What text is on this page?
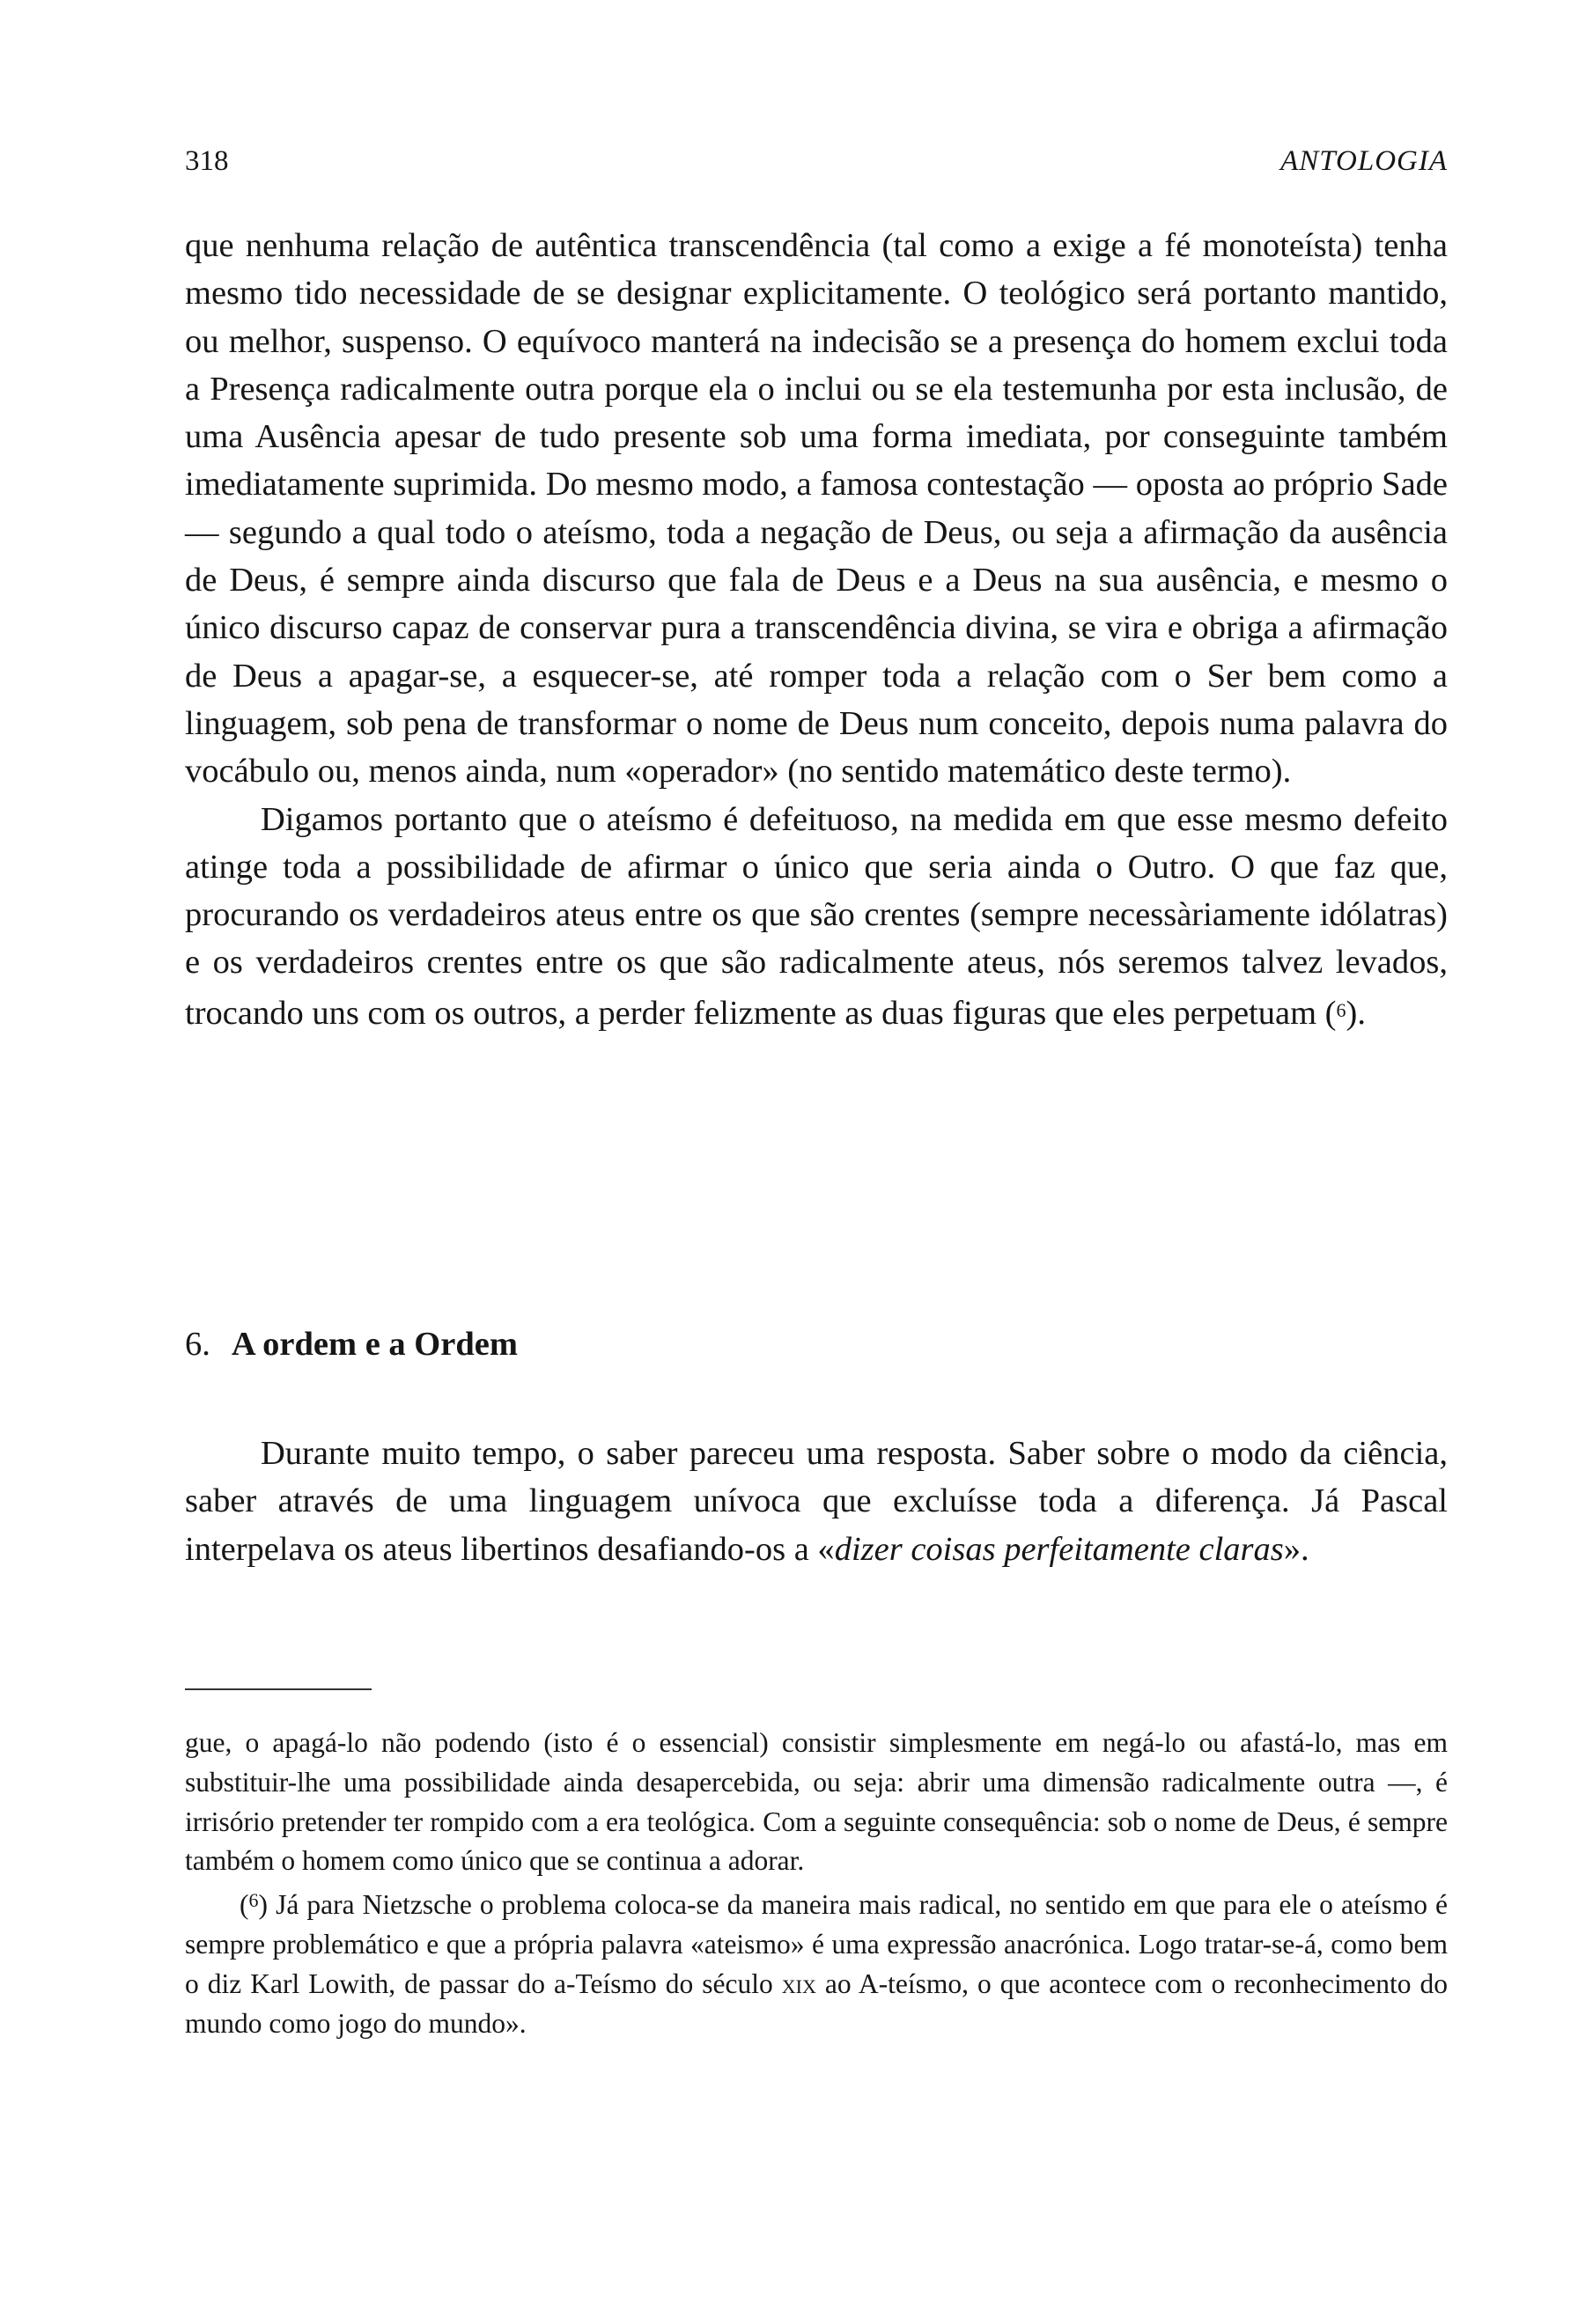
318	ANTOLOGIA

que nenhuma relação de autêntica transcendência (tal como a exige a fé monoteísta) tenha mesmo tido necessidade de se designar explicitamente. O teológico será portanto mantido, ou melhor, suspenso. O equívoco manterá na indecisão se a presença do homem exclui toda a Presença radicalmente outra porque ela o inclui ou se ela testemunha por esta inclusão, de uma Ausência apesar de tudo presente sob uma forma imediata, por conseguinte também imediatamente suprimida. Do mesmo modo, a famosa contestação — oposta ao próprio Sade — segundo a qual todo o ateísmo, toda a negação de Deus, ou seja a afirmação da ausência de Deus, é sempre ainda discurso que fala de Deus e a Deus na sua ausência, e mesmo o único discurso capaz de conservar pura a transcendência divina, se vira e obriga a afirmação de Deus a apagar-se, a esquecer-se, até romper toda a relação com o Ser bem como a linguagem, sob pena de transformar o nome de Deus num conceito, depois numa palavra do vocábulo ou, menos ainda, num «operador» (no sentido matemático deste termo).

Digamos portanto que o ateísmo é defeituoso, na medida em que esse mesmo defeito atinge toda a possibilidade de afirmar o único que seria ainda o Outro. O que faz que, procurando os verdadeiros ateus entre os que são crentes (sempre necessàriamente idólatras) e os verdadeiros crentes entre os que são radicalmente ateus, nós seremos talvez levados, trocando uns com os outros, a perder felizmente as duas figuras que eles perpetuam ($^6$).

6. A ordem e a Ordem

Durante muito tempo, o saber pareceu uma resposta. Saber sobre o modo da ciência, saber através de uma linguagem unívoca que excluísse toda a diferença. Já Pascal interpelava os ateus libertinos desafiando-os a «dizer coisas perfeitamente claras».

gue, o apagá-lo não podendo (isto é o essencial) consistir simplesmente em negá-lo ou afastá-lo, mas em substituir-lhe uma possibilidade ainda desapercebida, ou seja: abrir uma dimensão radicalmente outra —, é irrisório pretender ter rompido com a era teológica. Com a seguinte consequência: sob o nome de Deus, é sempre também o homem como único que se continua a adorar.

($^6$) Já para Nietzsche o problema coloca-se da maneira mais radical, no sentido em que para ele o ateísmo é sempre problemático e que a própria palavra «ateismo» é uma expressão anacrónica. Logo tratar-se-á, como bem o diz Karl Lowith, de passar do a-Teísmo do século xix ao A-teísmo, o que acontece com o reconhecimento do mundo como jogo do mundo».
